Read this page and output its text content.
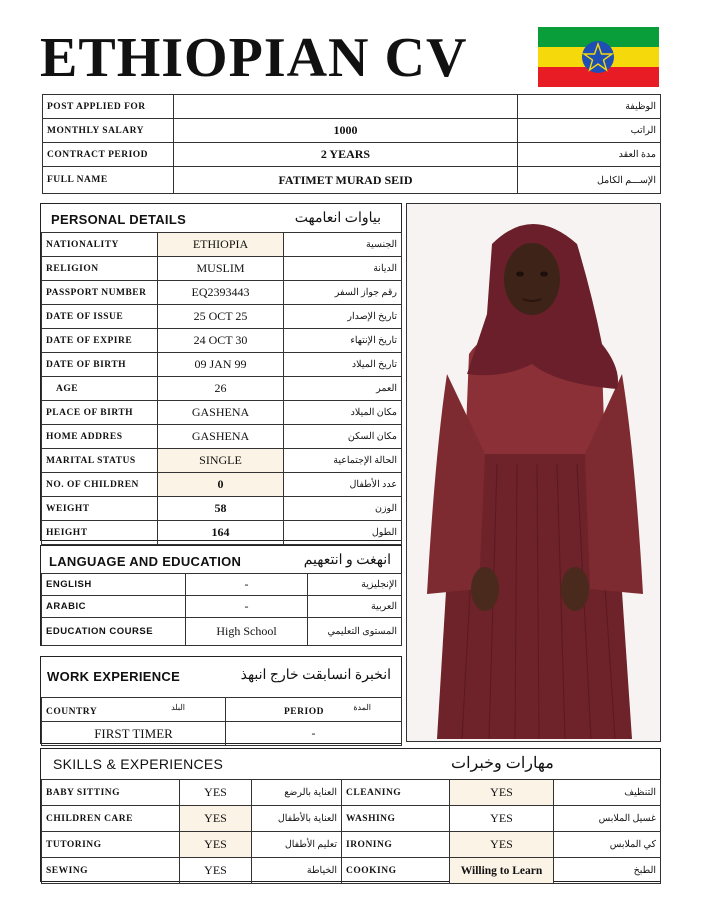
ETHIOPIAN CV
POST APPLIED FOR		الوظيفة
MONTHLY SALARY	1000	الراتب
CONTRACT PERIOD	2 YEARS	مدة العقد
FULL NAME	FATIMET MURAD SEID	الإســـم الكامل
PERSONAL DETAILS	بياوات انعامهت
NATIONALITY	ETHIOPIA	الجنسية
RELIGION	MUSLIM	الديانة
PASSPORT NUMBER	EQ2393443	رقم جواز السفر
DATE OF ISSUE	25 OCT 25	تاريخ الإصدار
DATE OF EXPIRE	24 OCT 30	تاريخ الإنتهاء
DATE OF BIRTH	09 JAN 99	تاريخ الميلاد
AGE	26	العمر
PLACE OF BIRTH	GASHENA	مكان الميلاد
HOME ADDRES	GASHENA	مكان السكن
MARITAL STATUS	SINGLE	الحالة الإجتماعية
NO. OF CHILDREN	0	عدد الأطفال
WEIGHT	58	الوزن
HEIGHT	164	الطول
LANGUAGE AND EDUCATION	انهغت و انتعهيم
ENGLISH	-	الإنجليزية
ARABIC	-	العربية
EDUCATION COURSE	High School	المستوى التعليمي
WORK EXPERIENCE	انخبرة انسابقت خارج انبهذ
COUNTRY البلد	PERIOD المدة

FIRST TIMER	-
SKILLS & EXPERIENCES	مهارات وخبرات
BABY SITTING	YES	العناية بالرضع	CLEANING	YES	التنظيف
CHILDREN CARE	YES	العناية بالأطفال	WASHING	YES	غسيل الملابس
TUTORING	YES	تعليم الأطفال	IRONING	YES	كي الملابس
SEWING	YES	الخياطة	COOKING	Willing to Learn	الطبخ
